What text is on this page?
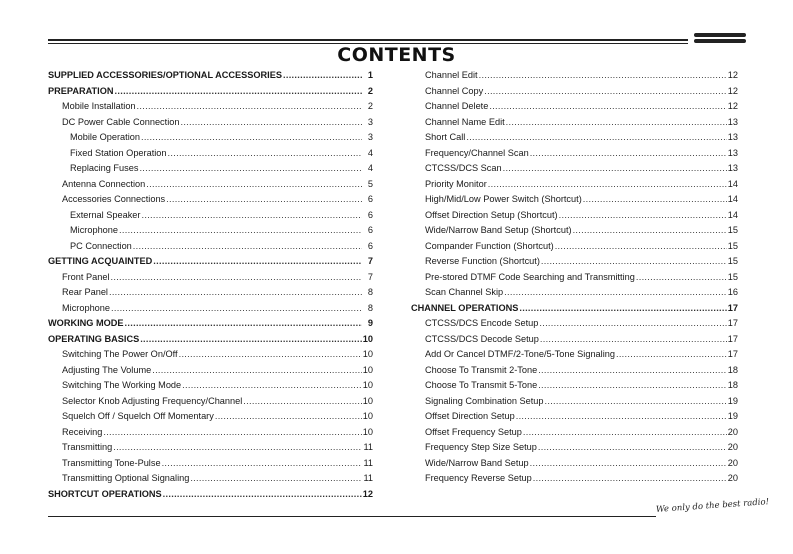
CONTENTS
SUPPLIED ACCESSORIES/OPTIONAL ACCESSORIES .....	1
PREPARATION .....	2
Mobile Installation .....	2
DC Power Cable Connection .....	3
Mobile Operation .....	3
Fixed Station Operation .....	4
Replacing Fuses .....	4
Antenna Connection .....	5
Accessories Connections .....	6
External Speaker .....	6
Microphone .....	6
PC Connection .....	6
GETTING ACQUAINTED .....	7
Front Panel .....	7
Rear Panel .....	8
Microphone .....	8
WORKING MODE .....	9
OPERATING BASICS .....	10
Switching The Power On/Off .....	10
Adjusting The Volume .....	10
Switching The Working Mode .....	10
Selector Knob Adjusting Frequency/Channel .....	10
Squelch Off / Squelch Off Momentary .....	10
Receiving .....	10
Transmitting .....	11
Transmitting Tone-Pulse .....	11
Transmitting Optional Signaling .....	11
SHORTCUT OPERATIONS .....	12
Channel Edit .....	12
Channel Copy .....	12
Channel Delete .....	12
Channel Name Edit .....	13
Short Call .....	13
Frequency/Channel Scan .....	13
CTCSS/DCS Scan .....	13
Priority Monitor .....	14
High/Mid/Low Power Switch (Shortcut) .....	14
Offset Direction Setup (Shortcut) .....	14
Wide/Narrow Band Setup (Shortcut) .....	15
Compander Function (Shortcut) .....	15
Reverse Function (Shortcut) .....	15
Pre-stored DTMF Code Searching and Transmitting .....	15
Scan Channel Skip .....	16
CHANNEL OPERATIONS .....	17
CTCSS/DCS Encode Setup .....	17
CTCSS/DCS Decode Setup .....	17
Add Or Cancel DTMF/2-Tone/5-Tone Signaling .....	17
Choose To Transmit 2-Tone .....	18
Choose To Transmit 5-Tone .....	18
Signaling Combination Setup .....	19
Offset Direction Setup .....	19
Offset Frequency Setup .....	20
Frequency Step Size Setup .....	20
Wide/Narrow Band Setup .....	20
Frequency Reverse Setup .....	20
We only do the best radio!
